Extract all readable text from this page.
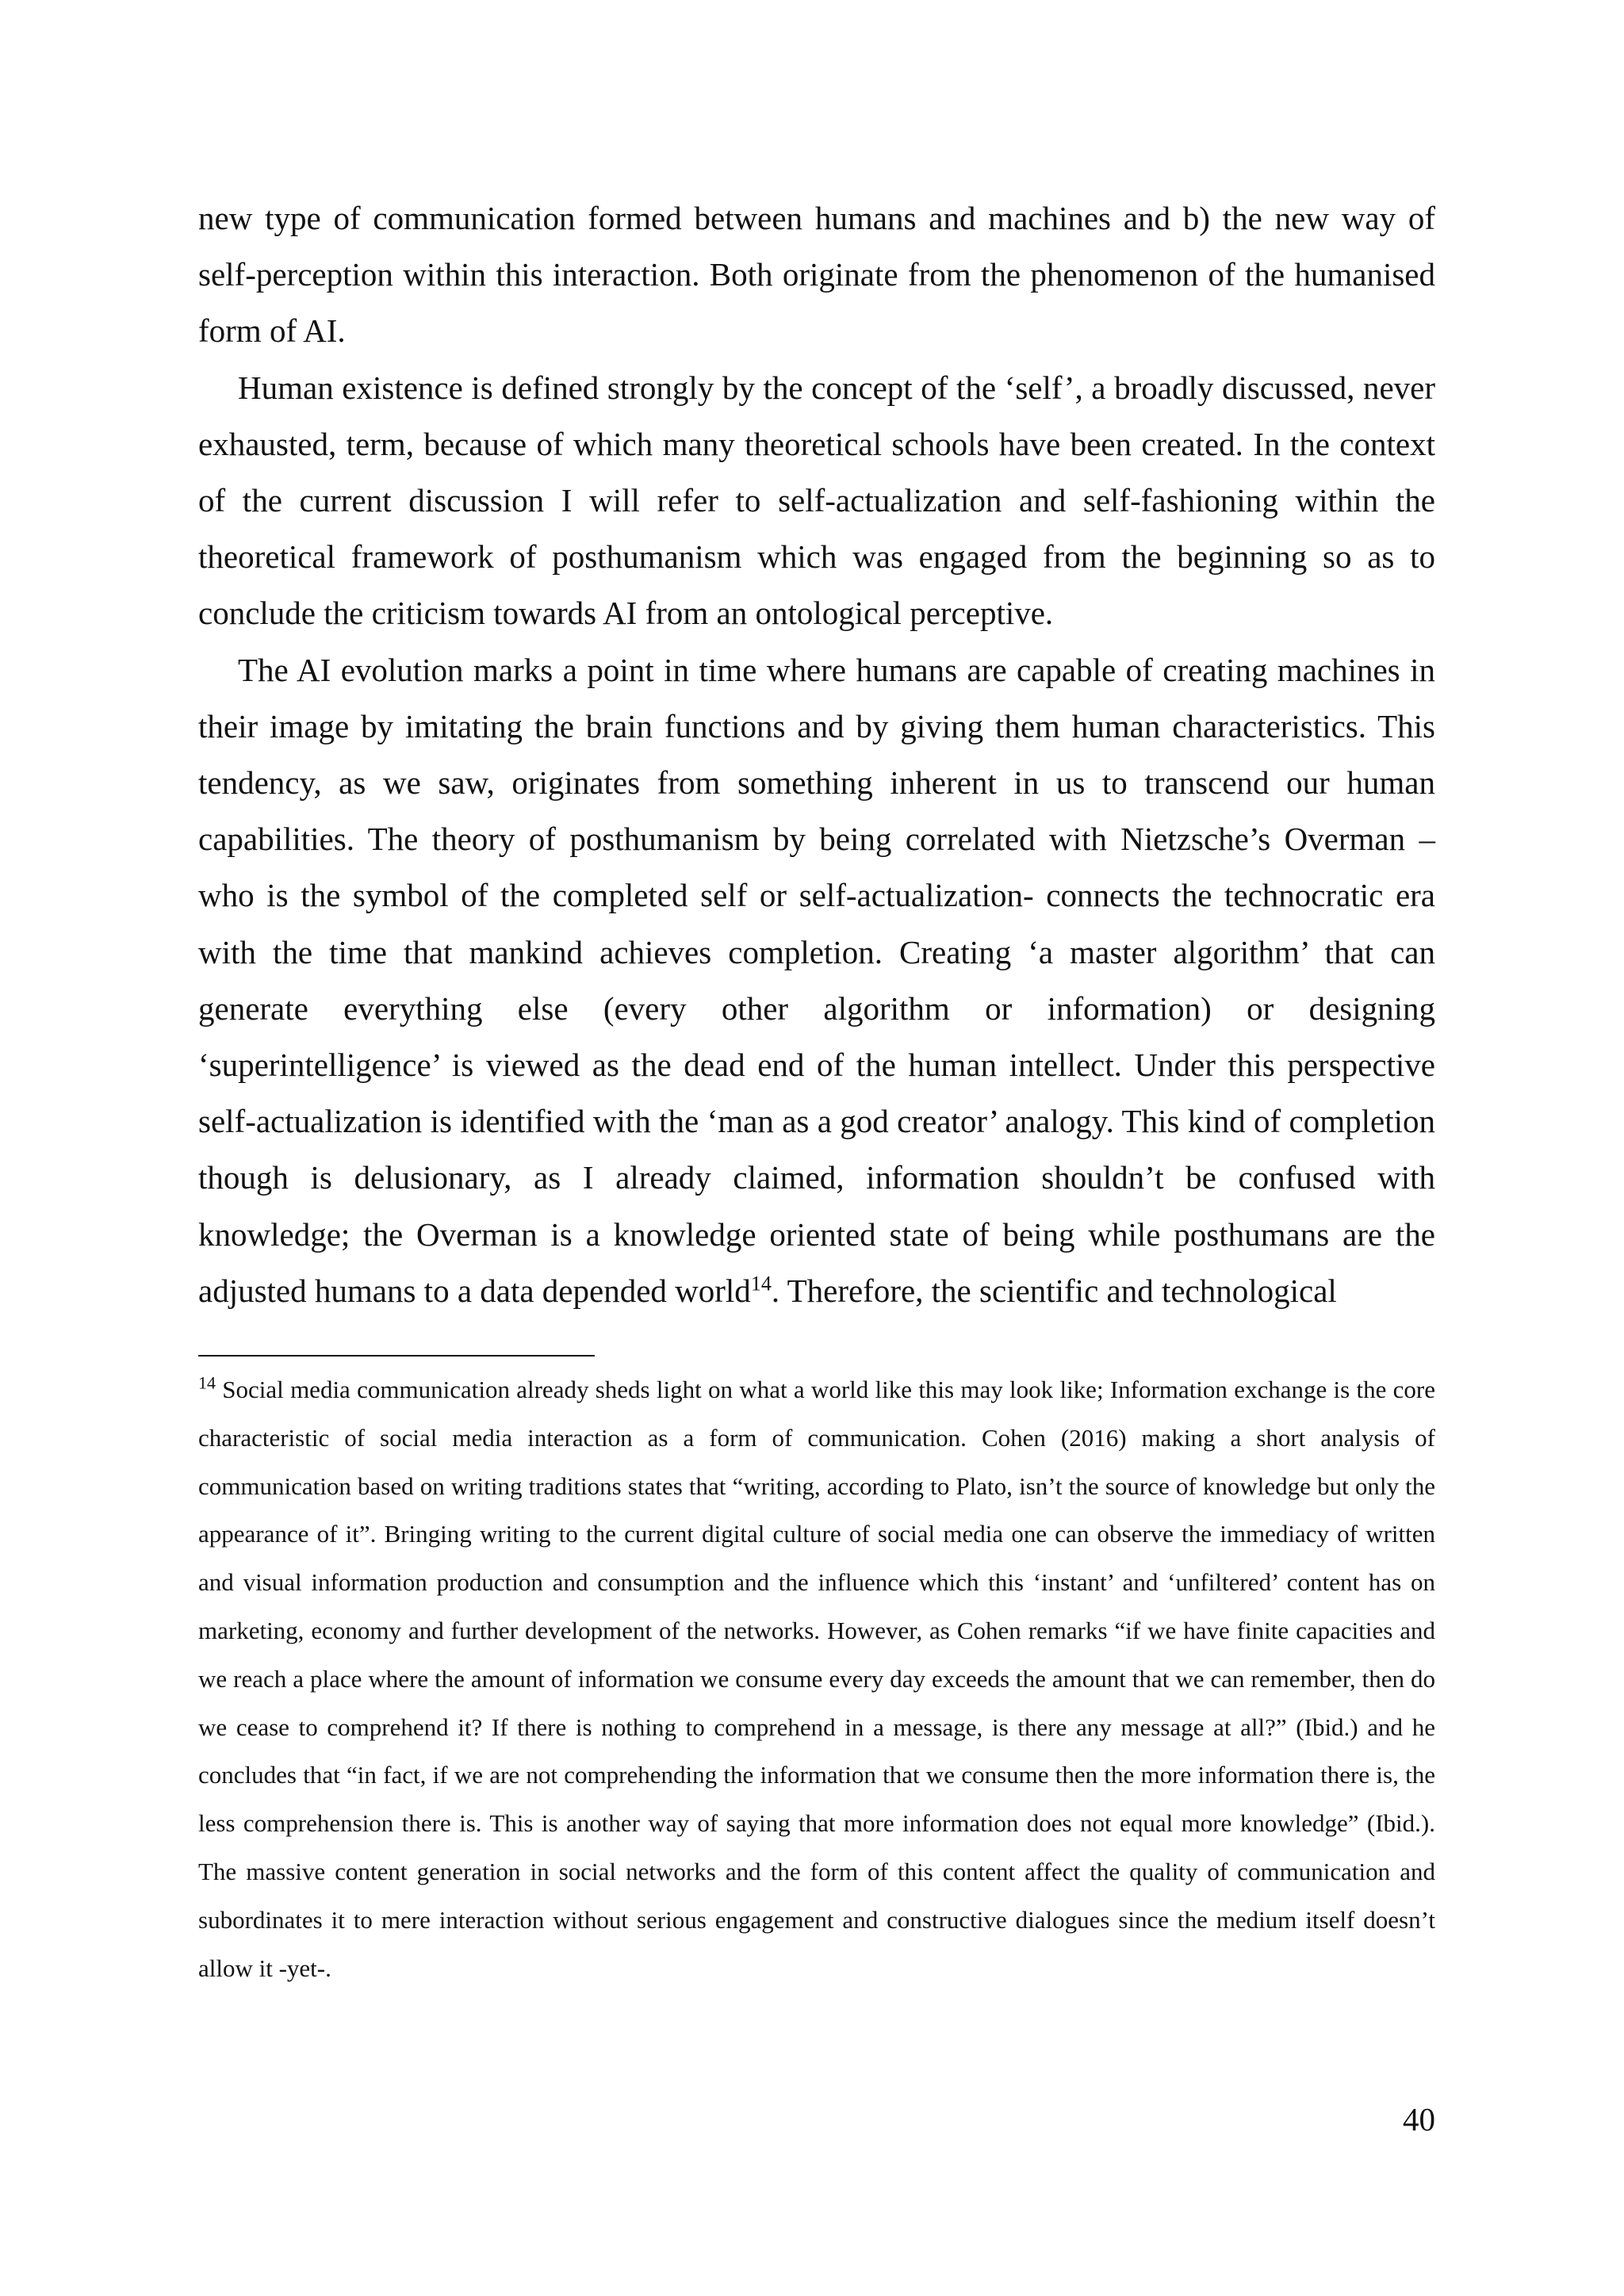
new type of communication formed between humans and machines and b) the new way of self-perception within this interaction. Both originate from the phenomenon of the humanised form of AI.

Human existence is defined strongly by the concept of the ‘self’, a broadly discussed, never exhausted, term, because of which many theoretical schools have been created. In the context of the current discussion I will refer to self-actualization and self-fashioning within the theoretical framework of posthumanism which was engaged from the beginning so as to conclude the criticism towards AI from an ontological perceptive.

The AI evolution marks a point in time where humans are capable of creating machines in their image by imitating the brain functions and by giving them human characteristics. This tendency, as we saw, originates from something inherent in us to transcend our human capabilities. The theory of posthumanism by being correlated with Nietzsche’s Overman – who is the symbol of the completed self or self-actualization- connects the technocratic era with the time that mankind achieves completion. Creating ‘a master algorithm’ that can generate everything else (every other algorithm or information) or designing ‘superintelligence’ is viewed as the dead end of the human intellect. Under this perspective self-actualization is identified with the ‘man as a god creator’ analogy. This kind of completion though is delusionary, as I already claimed, information shouldn’t be confused with knowledge; the Overman is a knowledge oriented state of being while posthumans are the adjusted humans to a data depended world$^{14}$. Therefore, the scientific and technological

$^{14}$ Social media communication already sheds light on what a world like this may look like; Information exchange is the core characteristic of social media interaction as a form of communication. Cohen (2016) making a short analysis of communication based on writing traditions states that “writing, according to Plato, isn’t the source of knowledge but only the appearance of it”. Bringing writing to the current digital culture of social media one can observe the immediacy of written and visual information production and consumption and the influence which this ‘instant’ and ‘unfiltered’ content has on marketing, economy and further development of the networks. However, as Cohen remarks “if we have finite capacities and we reach a place where the amount of information we consume every day exceeds the amount that we can remember, then do we cease to comprehend it? If there is nothing to comprehend in a message, is there any message at all?” (Ibid.) and he concludes that “in fact, if we are not comprehending the information that we consume then the more information there is, the less comprehension there is. This is another way of saying that more information does not equal more knowledge” (Ibid.). The massive content generation in social networks and the form of this content affect the quality of communication and subordinates it to mere interaction without serious engagement and constructive dialogues since the medium itself doesn’t allow it -yet-.

40
